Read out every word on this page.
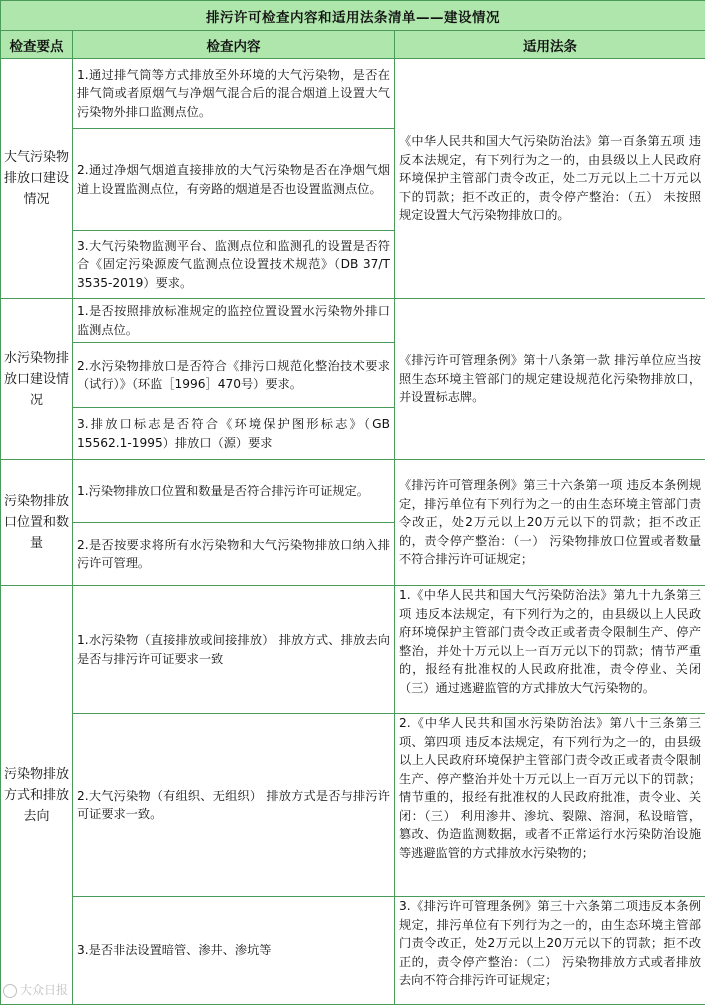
排污许可检查内容和适用法条清单——建设情况		
检查要点	检查内容	适用法条
大气污染物排放口建设情况	1.通过排气筒等方式排放至外环境的大气污染物，是否在排气筒或者原烟气与净烟气混合后的混合烟道上设置大气污染物外排口监测点位。	《中华人民共和国大气污染防治法》第一百条第五项 违反本法规定，有下列行为之一的，由县级以上人民政府环境保护主管部门责令改正，处二万元以上二十万元以下的罚款；拒不改正的，责令停产整治：（五） 未按照规定设置大气污染物排放口的。
	2.通过净烟气烟道直接排放的大气污染物是否在净烟气烟道上设置监测点位，有旁路的烟道是否也设置监测点位。	
	3.大气污染物监测平台、监测点位和监测孔的设置是否符合《固定污染源废气监测点位设置技术规范》（DB 37/T 3535-2019）要求。	
水污染物排放口建设情况	1.是否按照排放标准规定的监控位置设置水污染物外排口监测点位。	《排污许可管理条例》第十八条第一款 排污单位应当按照生态环境主管部门的规定建设规范化污染物排放口，并设置标志牌。
	2.水污染物排放口是否符合《排污口规范化整治技术要求（试行）》（环监［1996］470号）要求。	
	3.排放口标志是否符合《环境保护图形标志》（GB 15562.1-1995）排放口（源）要求	
污染物排放口位置和数量	1.污染物排放口位置和数量是否符合排污许可证规定。	《排污许可管理条例》第三十六条第一项 违反本条例规定，排污单位有下列行为之一的由生态环境主管部门责令改正，处2万元以上20万元以下的罚款；拒不改正的，责令停产整治：（一） 污染物排放口位置或者数量不符合排污许可证规定；
	2.是否按要求将所有水污染物和大气污染物排放口纳入排污许可管理。	
污染物排放方式和排放去向	1.水污染物（直接排放或间接排放） 排放方式、排放去向是否与排污许可证要求一致	1.《中华人民共和国大气污染防治法》第九十九条第三项 违反本法规定，有下列行为之的，由县级以上人民政府环境保护主管部门责令改正或者责令限制生产、停产整治，并处十万元以上一百万元以下的罚款；情节严重的，报经有批准权的人民政府批准，责令停业、关闭（三）通过逃避监管的方式排放大气污染物的。
	2.大气污染物（有组织、无组织） 排放方式是否与排污许可证要求一致。	2.《中华人民共和国水污染防治法》第八十三条第三项、第四项 违反本法规定，有下列行为之一的，由县级以上人民政府环境保护主管部门责令改正或者责令限制生产、停产整治并处十万元以上一百万元以下的罚款；情节重的，报经有批准权的人民政府批准，责令业、关闭：（三） 利用渗井、渗坑、裂隙、溶洞，私设暗管，篡改、伪造监测数据，或者不正常运行水污染防治设施等逃避监管的方式排放水污染物的；
	3.是否非法设置暗管、渗井、渗坑等	3.《排污许可管理条例》第三十六条第二项违反本条例规定，排污单位有下列行为之一的，由生态环境主管部门责令改正，处2万元以上20万元以下的罚款；拒不改正的，责令停产整治：（二） 污染物排放方式或者排放去向不符合排污许可证规定；
大众日报
